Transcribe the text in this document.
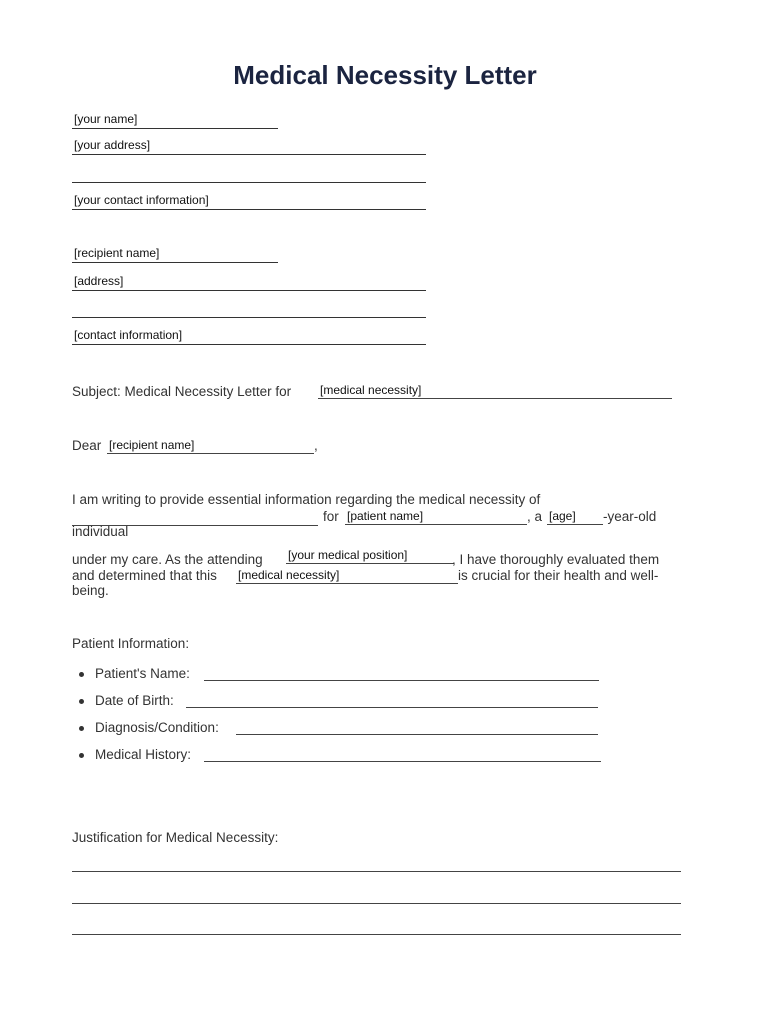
Medical Necessity Letter
[your name]
[your address]
[your contact information]
[recipient name]
[address]
[contact information]
Subject: Medical Necessity Letter for [medical necessity]
Dear [recipient name]	,
I am writing to provide essential information regarding the medical necessity of
for [patient name]	, a [age] -year-old
individual
under my care. As the attending [your medical position]	, I have thoroughly evaluated them
and determined that this [medical necessity]	is crucial for their health and well-
being.
Patient Information:
Patient's Name:
Date of Birth:
Diagnosis/Condition:
Medical History:
Justification for Medical Necessity:
